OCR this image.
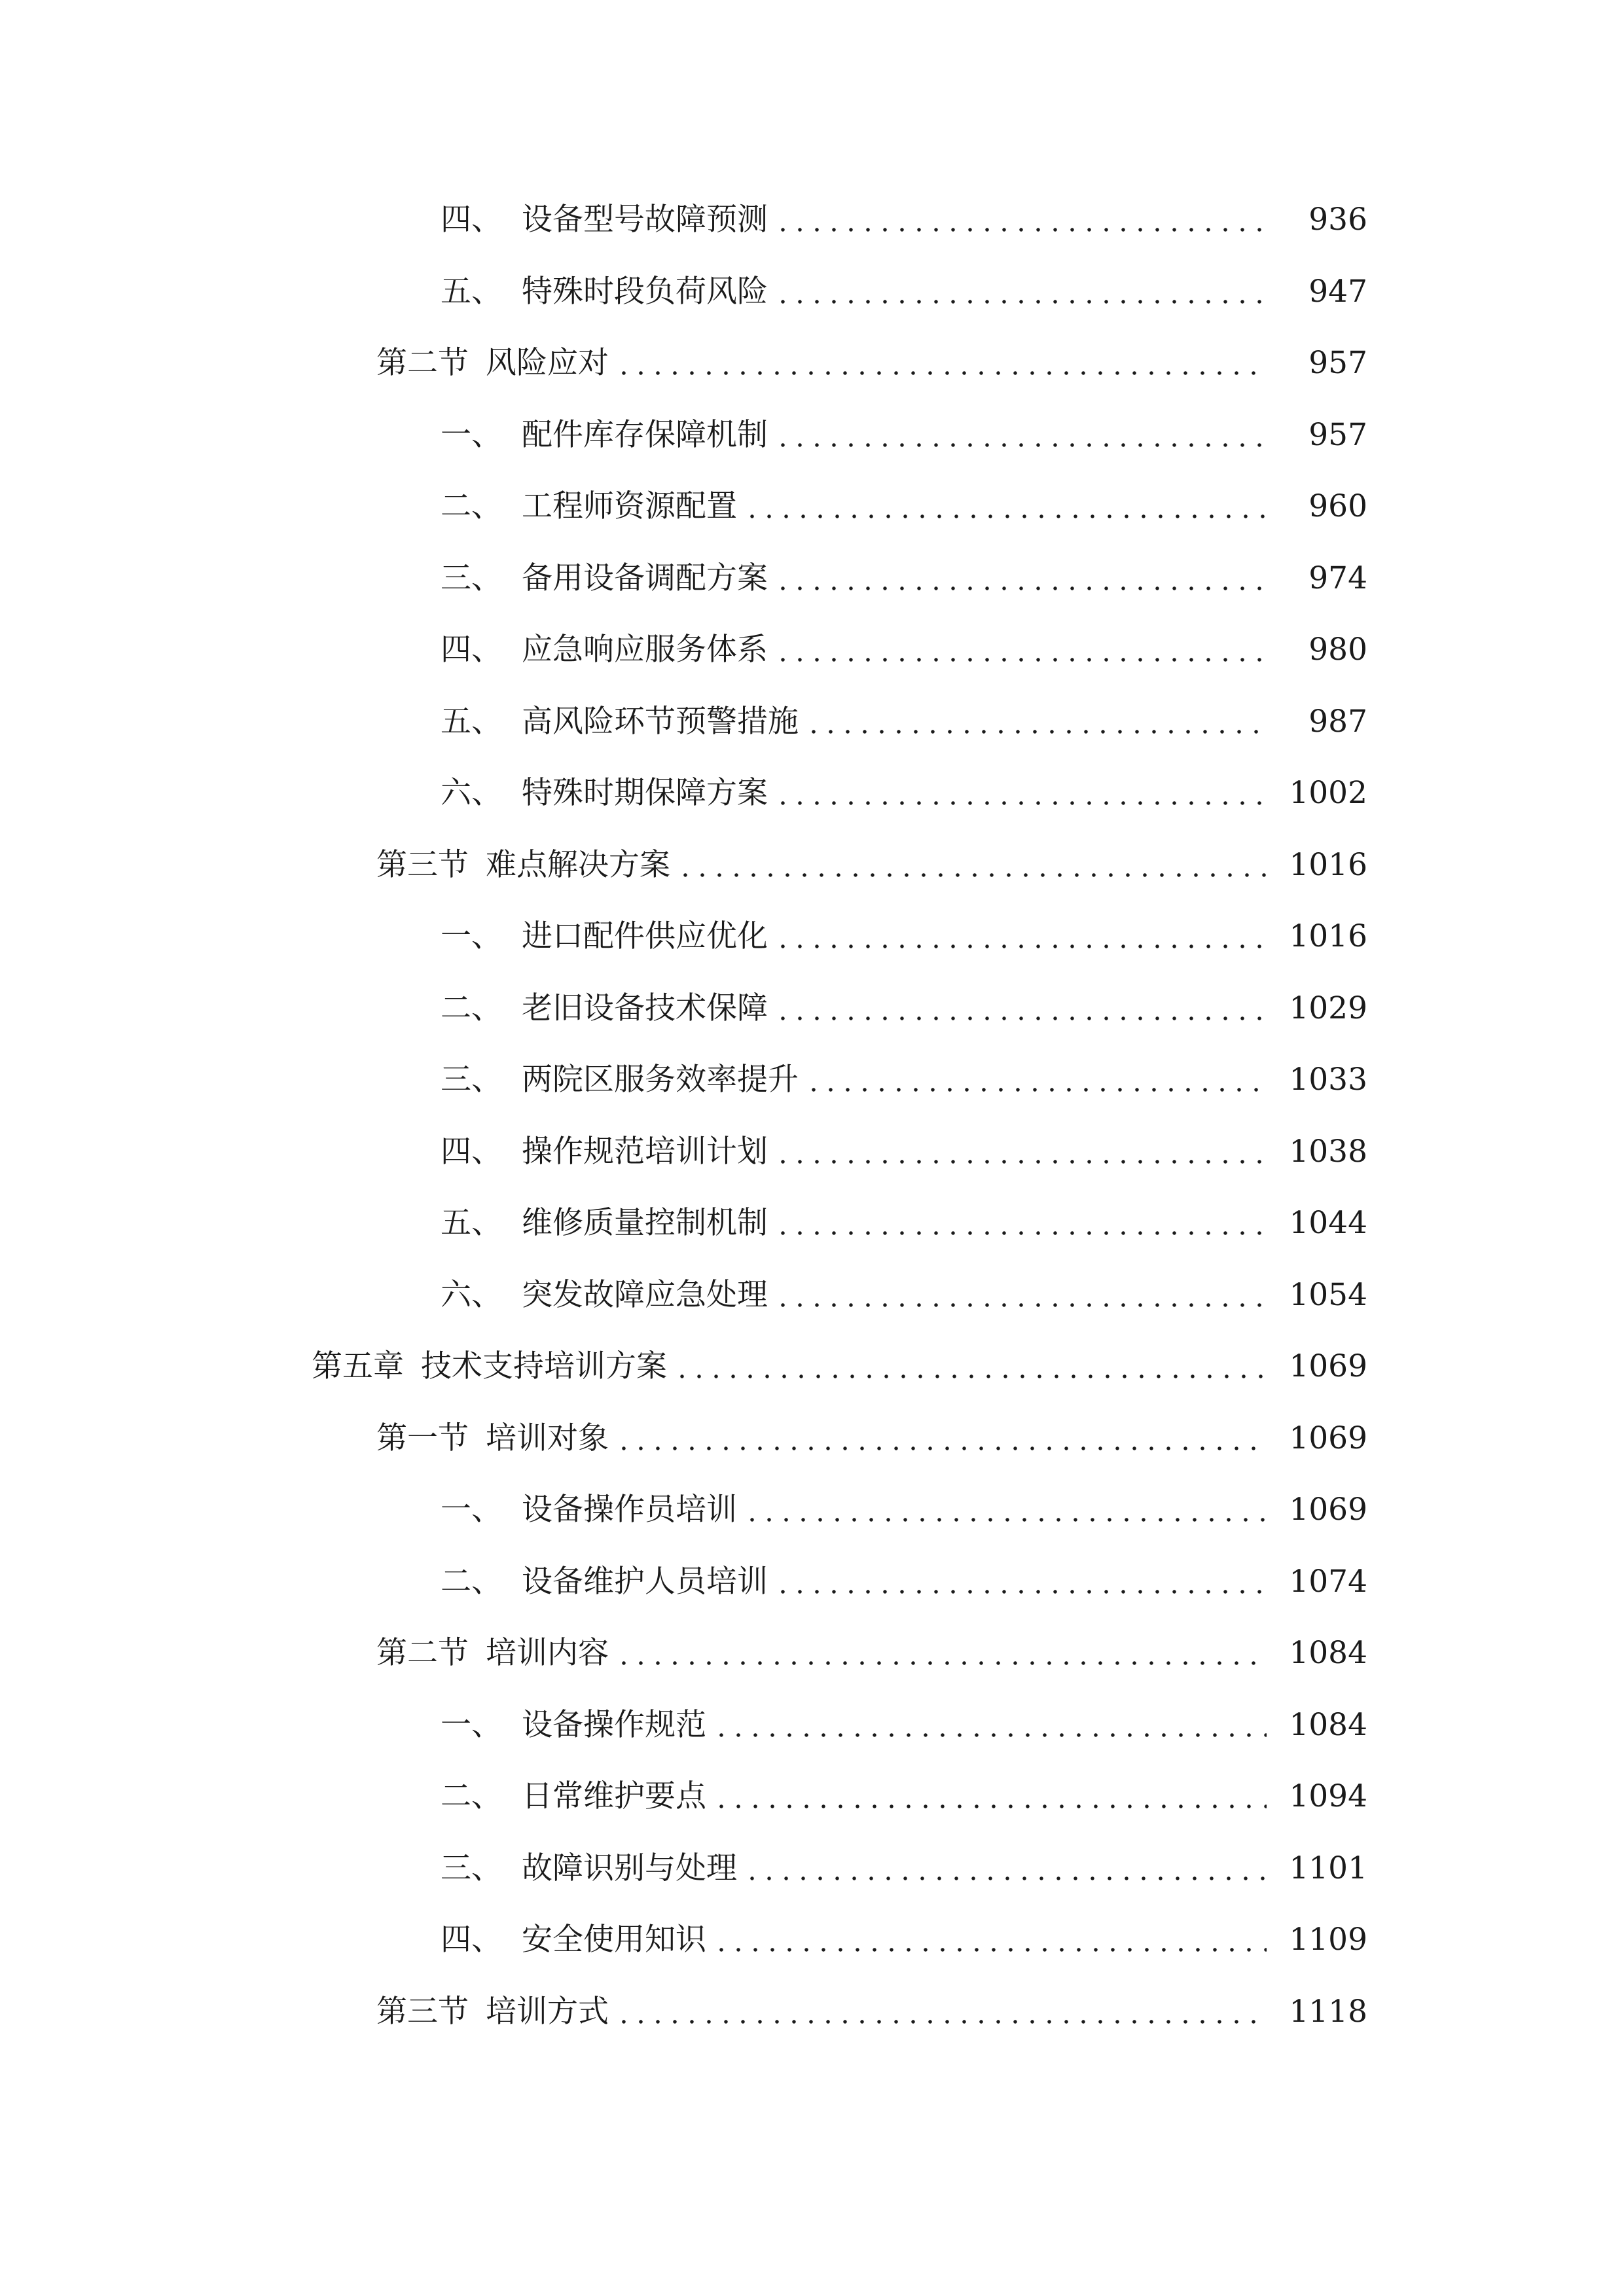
四、 设备型号故障预测	936
五、 特殊时段负荷风险	947
第二节 风险应对	957
一、 配件库存保障机制	957
二、 工程师资源配置	960
三、 备用设备调配方案	974
四、 应急响应服务体系	980
五、 高风险环节预警措施	987
六、 特殊时期保障方案	1002
第三节 难点解决方案	1016
一、 进口配件供应优化	1016
二、 老旧设备技术保障	1029
三、 两院区服务效率提升	1033
四、 操作规范培训计划	1038
五、 维修质量控制机制	1044
六、 突发故障应急处理	1054
第五章 技术支持培训方案	1069
第一节 培训对象	1069
一、 设备操作员培训	1069
二、 设备维护人员培训	1074
第二节 培训内容	1084
一、 设备操作规范	1084
二、 日常维护要点	1094
三、 故障识别与处理	1101
四、 安全使用知识	1109
第三节 培训方式	1118
